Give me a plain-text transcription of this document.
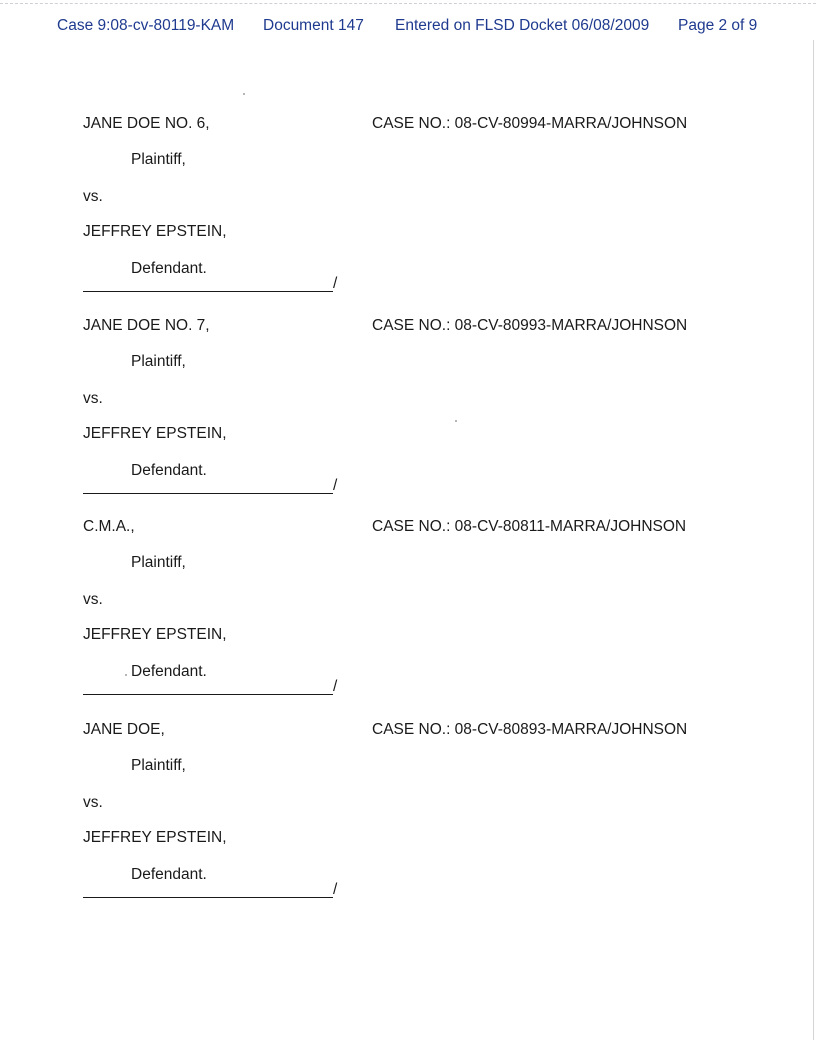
Case 9:08-cv-80119-KAM Document 147 Entered on FLSD Docket 06/08/2009 Page 2 of 9
JANE DOE NO. 6,	CASE NO.: 08-CV-80994-MARRA/JOHNSON
Plaintiff,
vs.
JEFFREY EPSTEIN,
Defendant.
/
JANE DOE NO. 7,	CASE NO.: 08-CV-80993-MARRA/JOHNSON
Plaintiff,
vs.
JEFFREY EPSTEIN,
Defendant.
/
C.M.A.,	CASE NO.: 08-CV-80811-MARRA/JOHNSON
Plaintiff,
vs.
JEFFREY EPSTEIN,
Defendant.
/
JANE DOE,	CASE NO.: 08-CV-80893-MARRA/JOHNSON
Plaintiff,
vs.
JEFFREY EPSTEIN,
Defendant.
/
